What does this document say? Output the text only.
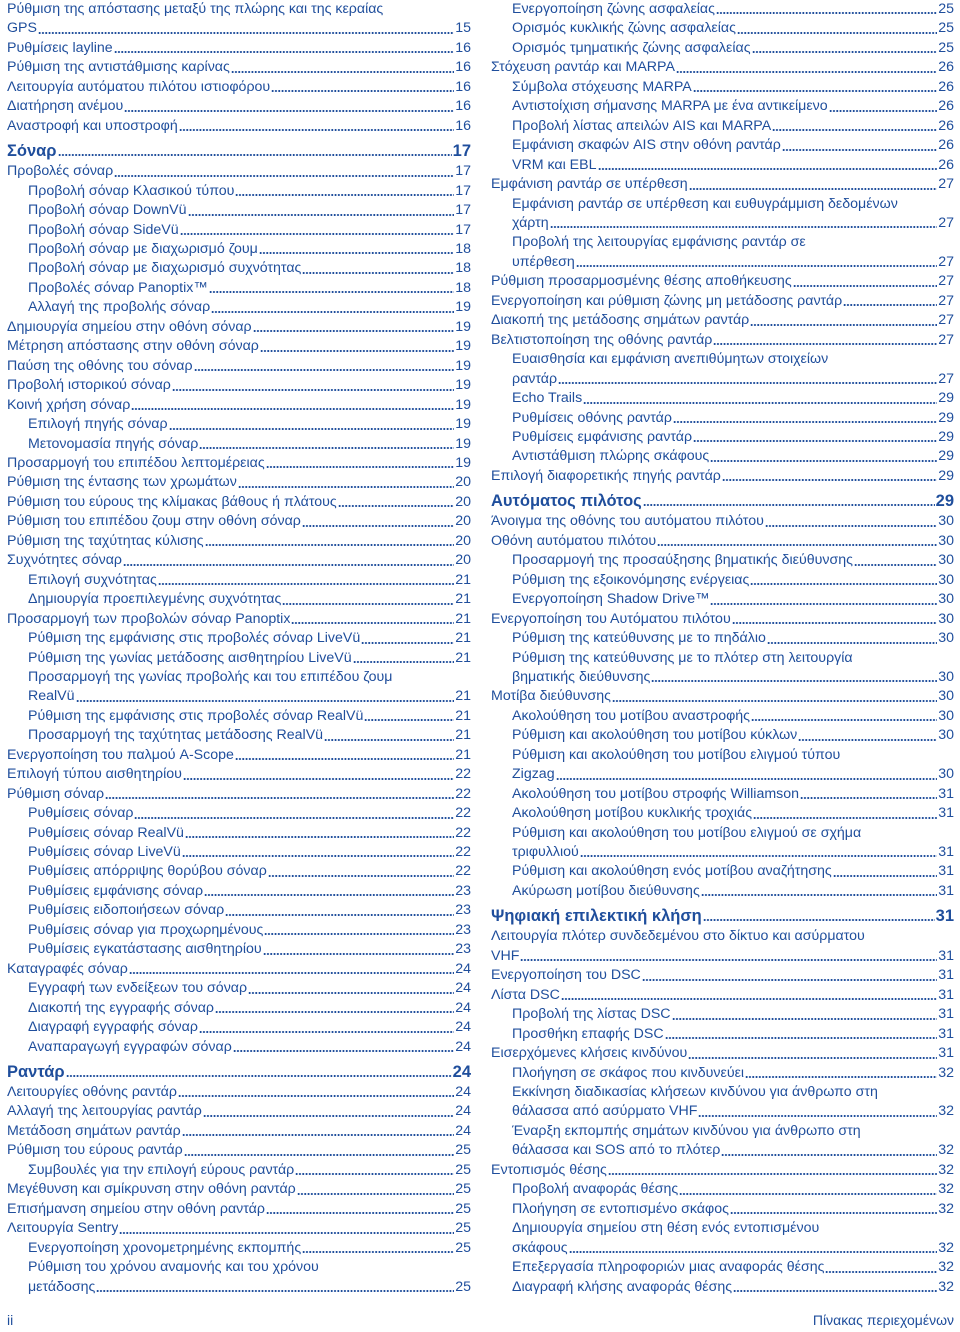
Ρύθμιση της απόστασης μεταξύ της πλώρης και της κεραίας
GPS	15
Ρυθμίσεις layline	16
Ρύθμιση της αντιστάθμισης καρίνας	16
Λειτουργία αυτόματου πιλότου ιστιοφόρου	16
Διατήρηση ανέμου	16
Αναστροφή και υποστροφή	16
Σόναρ	17
Προβολές σόναρ	17
Προβολή σόναρ Κλασικού τύπου	17
Προβολή σόναρ DownVü	17
Προβολή σόναρ SideVü	17
Προβολή σόναρ με διαχωρισμό ζουμ	18
Προβολή σόναρ με διαχωρισμό συχνότητας	18
Προβολές σόναρ Panoptix™	18
Αλλαγή της προβολής σόναρ	19
Δημιουργία σημείου στην οθόνη σόναρ	19
Μέτρηση απόστασης στην οθόνη σόναρ	19
Παύση της οθόνης του σόναρ	19
Προβολή ιστορικού σόναρ	19
Κοινή χρήση σόναρ	19
Επιλογή πηγής σόναρ	19
Μετονομασία πηγής σόναρ	19
Προσαρμογή του επιπέδου λεπτομέρειας	19
Ρύθμιση της έντασης των χρωμάτων	20
Ρύθμιση του εύρους της κλίμακας βάθους ή πλάτους	20
Ρύθμιση του επιπέδου ζουμ στην οθόνη σόναρ	20
Ρύθμιση της ταχύτητας κύλισης	20
Συχνότητες σόναρ	20
Επιλογή συχνότητας	21
Δημιουργία προεπιλεγμένης συχνότητας	21
Προσαρμογή των προβολών σόναρ Panoptix	21
Ρύθμιση της εμφάνισης στις προβολές σόναρ LiveVü	21
Ρύθμιση της γωνίας μετάδοσης αισθητηρίου LiveVü	21
Προσαρμογή της γωνίας προβολής και του επιπέδου ζουμ
RealVü	21
Ρύθμιση της εμφάνισης στις προβολές σόναρ RealVü	21
Προσαρμογή της ταχύτητας μετάδοσης RealVü	21
Ενεργοποίηση του παλμού A-Scope	21
Επιλογή τύπου αισθητηρίου	22
Ρύθμιση σόναρ	22
Ρυθμίσεις σόναρ	22
Ρυθμίσεις σόναρ RealVü	22
Ρυθμίσεις σόναρ LiveVü	22
Ρυθμίσεις απόρριψης θορύβου σόναρ	22
Ρυθμίσεις εμφάνισης σόναρ	23
Ρυθμίσεις ειδοποιήσεων σόναρ	23
Ρυθμίσεις σόναρ για προχωρημένους	23
Ρυθμίσεις εγκατάστασης αισθητηρίου	23
Καταγραφές σόναρ	24
Εγγραφή των ενδείξεων του σόναρ	24
Διακοπή της εγγραφής σόναρ	24
Διαγραφή εγγραφής σόναρ	24
Αναπαραγωγή εγγραφών σόναρ	24
Ραντάρ	24
Λειτουργίες οθόνης ραντάρ	24
Αλλαγή της λειτουργίας ραντάρ	24
Μετάδοση σημάτων ραντάρ	24
Ρύθμιση του εύρους ραντάρ	25
Συμβουλές για την επιλογή εύρους ραντάρ	25
Μεγέθυνση και σμίκρυνση στην οθόνη ραντάρ	25
Επισήμανση σημείου στην οθόνη ραντάρ	25
Λειτουργία Sentry	25
Ενεργοποίηση χρονομετρημένης εκπομπής	25
Ρύθμιση του χρόνου αναμονής και του χρόνου
μετάδοσης	25
Ενεργοποίηση ζώνης ασφαλείας	25
Ορισμός κυκλικής ζώνης ασφαλείας	25
Ορισμός τμηματικής ζώνης ασφαλείας	25
Στόχευση ραντάρ και MARPA	26
Σύμβολα στόχευσης MARPA	26
Αντιστοίχιση σήμανσης MARPA με ένα αντικείμενο	26
Προβολή λίστας απειλών AIS και MARPA	26
Εμφάνιση σκαφών AIS στην οθόνη ραντάρ	26
VRM και EBL	26
Εμφάνιση ραντάρ σε υπέρθεση	27
Εμφάνιση ραντάρ σε υπέρθεση και ευθυγράμμιση δεδομένων
χάρτη	27
Προβολή της λειτουργίας εμφάνισης ραντάρ σε
υπέρθεση	27
Ρύθμιση προσαρμοσμένης θέσης αποθήκευσης	27
Ενεργοποίηση και ρύθμιση ζώνης μη μετάδοσης ραντάρ	27
Διακοπή της μετάδοσης σημάτων ραντάρ	27
Βελτιστοποίηση της οθόνης ραντάρ	27
Ευαισθησία και εμφάνιση ανεπιθύμητων στοιχείων
ραντάρ	27
Echo Trails	29
Ρυθμίσεις οθόνης ραντάρ	29
Ρυθμίσεις εμφάνισης ραντάρ	29
Αντιστάθμιση πλώρης σκάφους	29
Επιλογή διαφορετικής πηγής ραντάρ	29
Αυτόματος πιλότος	29
Άνοιγμα της οθόνης του αυτόματου πιλότου	30
Οθόνη αυτόματου πιλότου	30
Προσαρμογή της προσαύξησης βηματικής διεύθυνσης	30
Ρύθμιση της εξοικονόμησης ενέργειας	30
Ενεργοποίηση Shadow Drive™	30
Ενεργοποίηση του Αυτόματου πιλότου	30
Ρύθμιση της κατεύθυνσης με το πηδάλιο	30
Ρύθμιση της κατεύθυνσης με το πλότερ στη λειτουργία
βηματικής διεύθυνσης	30
Μοτίβα διεύθυνσης	30
Ακολούθηση του μοτίβου αναστροφής	30
Ρύθμιση και ακολούθηση του μοτίβου κύκλων	30
Ρύθμιση και ακολούθηση του μοτίβου ελιγμού τύπου
Zigzag	30
Ακολούθηση του μοτίβου στροφής Williamson	31
Ακολούθηση μοτίβου κυκλικής τροχιάς	31
Ρύθμιση και ακολούθηση του μοτίβου ελιγμού σε σχήμα
τριφυλλιού	31
Ρύθμιση και ακολούθηση ενός μοτίβου αναζήτησης	31
Ακύρωση μοτίβου διεύθυνσης	31
Ψηφιακή επιλεκτική κλήση	31
Λειτουργία πλότερ συνδεδεμένου στο δίκτυο και ασύρματου
VHF	31
Ενεργοποίηση του DSC	31
Λίστα DSC	31
Προβολή της λίστας DSC	31
Προσθήκη επαφής DSC	31
Εισερχόμενες κλήσεις κινδύνου	31
Πλοήγηση σε σκάφος που κινδυνεύει	32
Εκκίνηση διαδικασίας κλήσεων κινδύνου για άνθρωπο στη
θάλασσα από ασύρματο VHF	32
Έναρξη εκπομπής σημάτων κινδύνου για άνθρωπο στη
θάλασσα και SOS από το πλότερ	32
Εντοπισμός θέσης	32
Προβολή αναφοράς θέσης	32
Πλοήγηση σε εντοπισμένο σκάφος	32
Δημιουργία σημείου στη θέση ενός εντοπισμένου
σκάφους	32
Επεξεργασία πληροφοριών μιας αναφοράς θέσης	32
Διαγραφή κλήσης αναφοράς θέσης	32
ii	Πίνακας περιεχομένων
